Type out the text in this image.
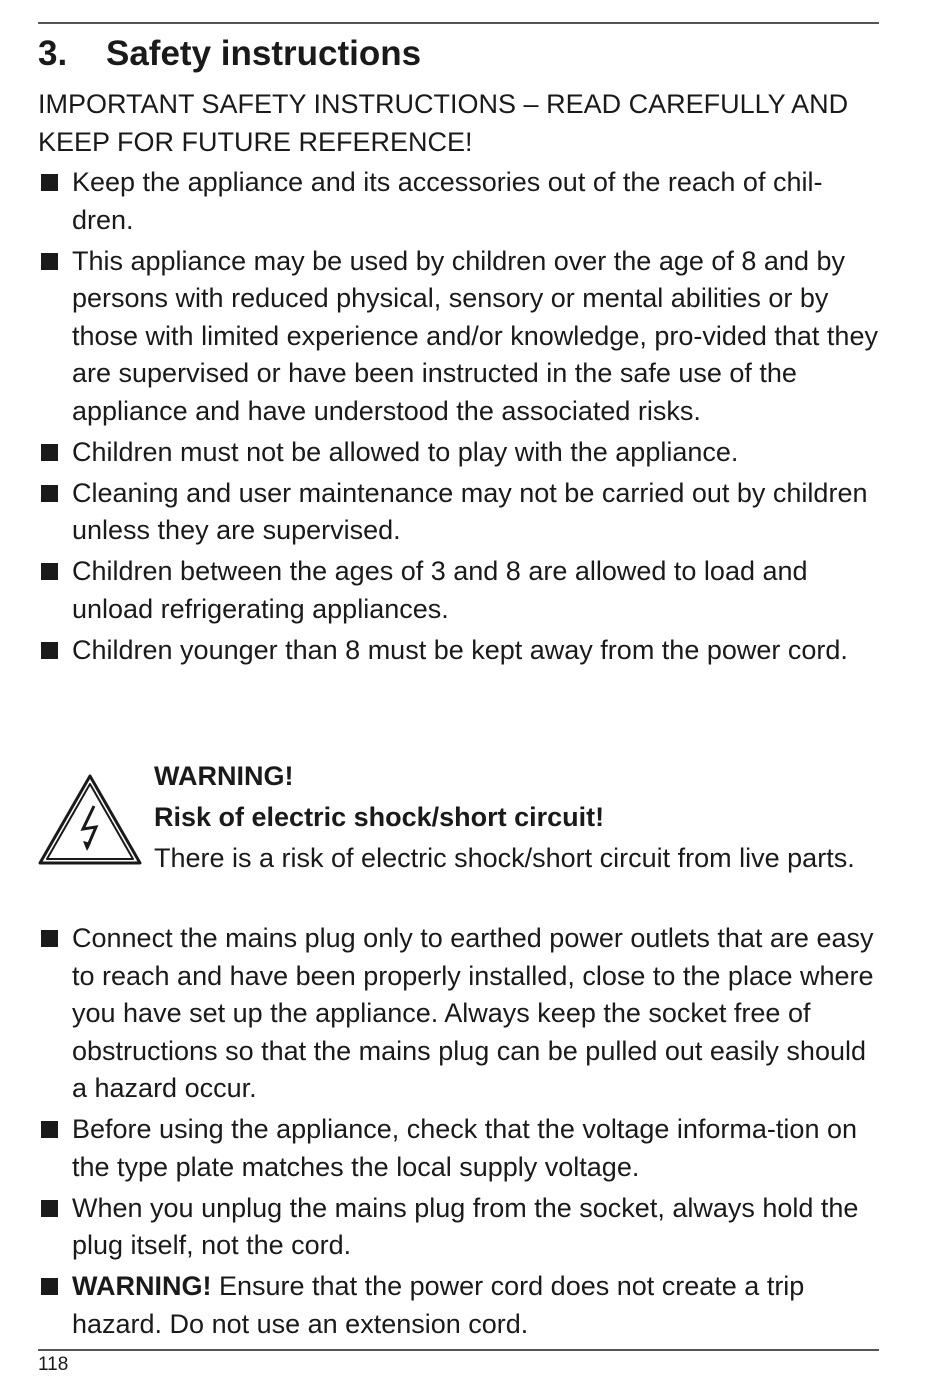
3. Safety instructions
IMPORTANT SAFETY INSTRUCTIONS – READ CAREFULLY AND KEEP FOR FUTURE REFERENCE!
Keep the appliance and its accessories out of the reach of chil-dren.
This appliance may be used by children over the age of 8 and by persons with reduced physical, sensory or mental abilities or by those with limited experience and/or knowledge, pro-vided that they are supervised or have been instructed in the safe use of the appliance and have understood the associated risks.
Children must not be allowed to play with the appliance.
Cleaning and user maintenance may not be carried out by children unless they are supervised.
Children between the ages of 3 and 8 are allowed to load and unload refrigerating appliances.
Children younger than 8 must be kept away from the power cord.
WARNING!
Risk of electric shock/short circuit!
There is a risk of electric shock/short circuit from live parts.
Connect the mains plug only to earthed power outlets that are easy to reach and have been properly installed, close to the place where you have set up the appliance. Always keep the socket free of obstructions so that the mains plug can be pulled out easily should a hazard occur.
Before using the appliance, check that the voltage informa-tion on the type plate matches the local supply voltage.
When you unplug the mains plug from the socket, always hold the plug itself, not the cord.
WARNING! Ensure that the power cord does not create a trip hazard. Do not use an extension cord.
118
